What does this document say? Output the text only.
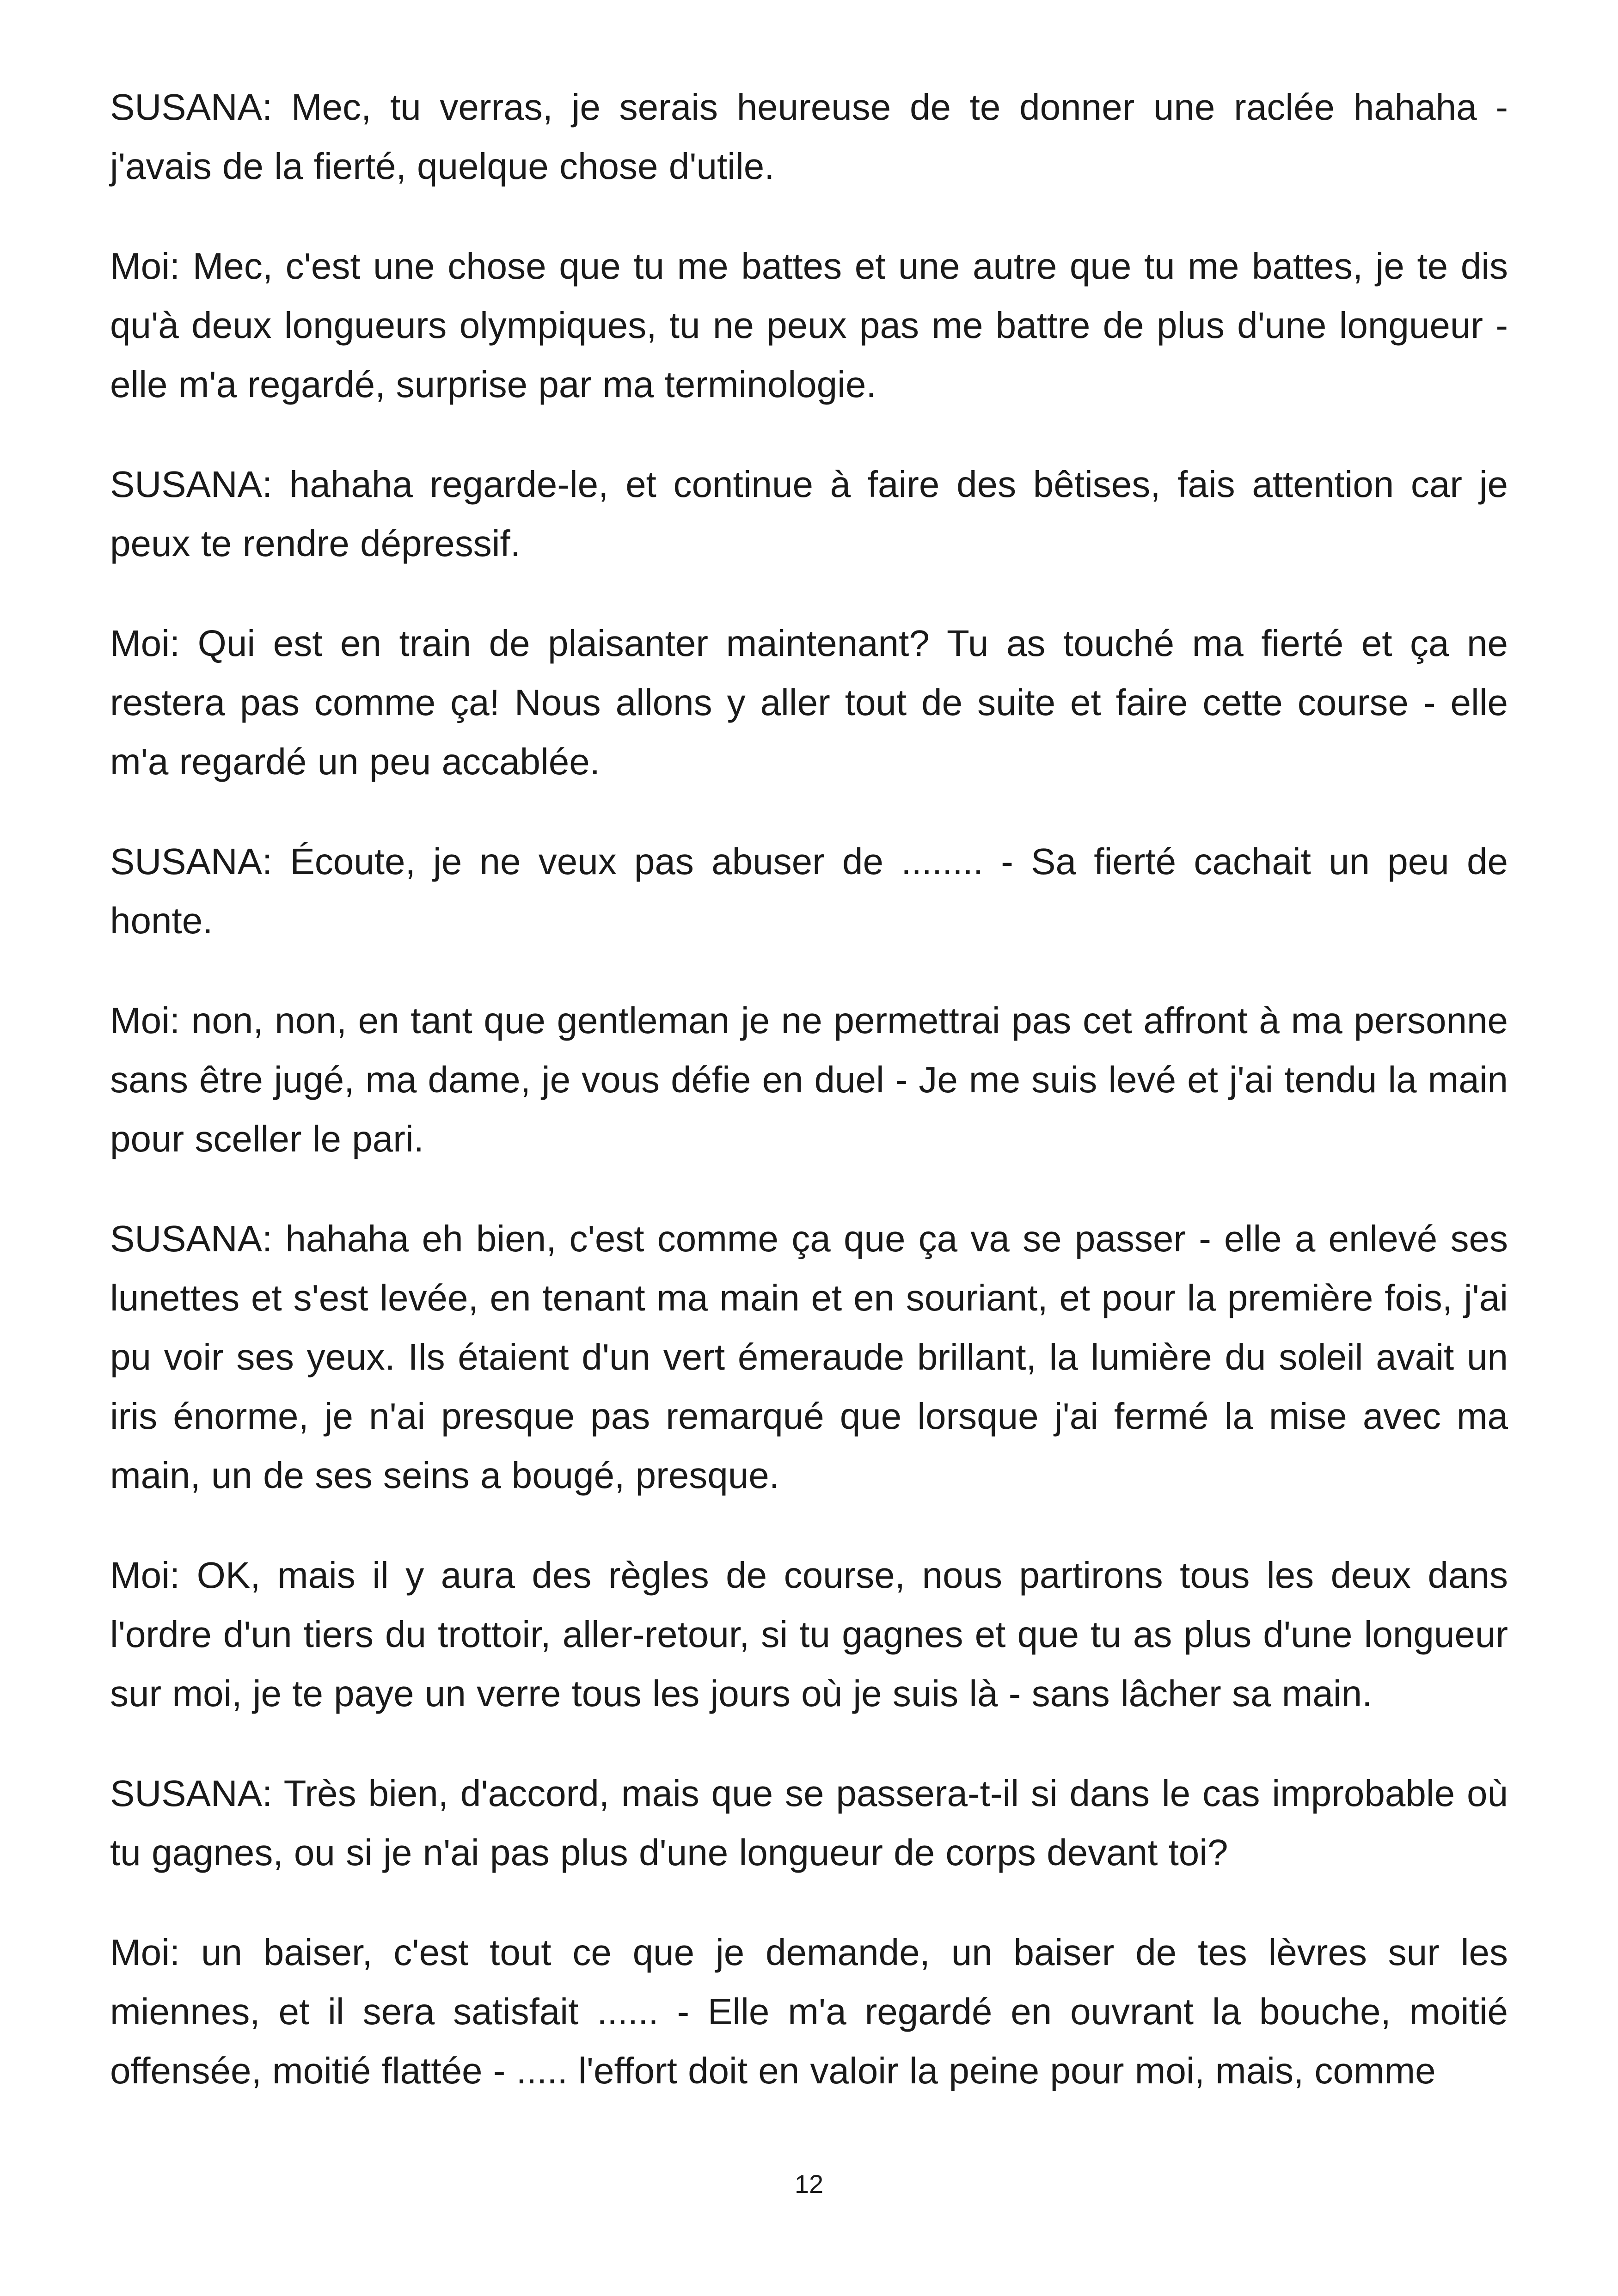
SUSANA: Mec, tu verras, je serais heureuse de te donner une raclée hahaha - j'avais de la fierté, quelque chose d'utile.

Moi: Mec, c'est une chose que tu me battes et une autre que tu me battes, je te dis qu'à deux longueurs olympiques, tu ne peux pas me battre de plus d'une longueur - elle m'a regardé, surprise par ma terminologie.

SUSANA: hahaha regarde-le, et continue à faire des bêtises, fais attention car je peux te rendre dépressif.

Moi: Qui est en train de plaisanter maintenant? Tu as touché ma fierté et ça ne restera pas comme ça! Nous allons y aller tout de suite et faire cette course - elle m'a regardé un peu accablée.

SUSANA: Écoute, je ne veux pas abuser de ........ - Sa fierté cachait un peu de honte.

Moi: non, non, en tant que gentleman je ne permettrai pas cet affront à ma personne sans être jugé, ma dame, je vous défie en duel - Je me suis levé et j'ai tendu la main pour sceller le pari.

SUSANA: hahaha eh bien, c'est comme ça que ça va se passer - elle a enlevé ses lunettes et s'est levée, en tenant ma main et en souriant, et pour la première fois, j'ai pu voir ses yeux. Ils étaient d'un vert émeraude brillant, la lumière du soleil avait un iris énorme, je n'ai presque pas remarqué que lorsque j'ai fermé la mise avec ma main, un de ses seins a bougé, presque.

Moi: OK, mais il y aura des règles de course, nous partirons tous les deux dans l'ordre d'un tiers du trottoir, aller-retour, si tu gagnes et que tu as plus d'une longueur sur moi, je te paye un verre tous les jours où je suis là - sans lâcher sa main.

SUSANA: Très bien, d'accord, mais que se passera-t-il si dans le cas improbable où tu gagnes, ou si je n'ai pas plus d'une longueur de corps devant toi?

Moi: un baiser, c'est tout ce que je demande, un baiser de tes lèvres sur les miennes, et il sera satisfait ...... - Elle m'a regardé en ouvrant la bouche, moitié offensée, moitié flattée - ..... l'effort doit en valoir la peine pour moi, mais, comme

12
